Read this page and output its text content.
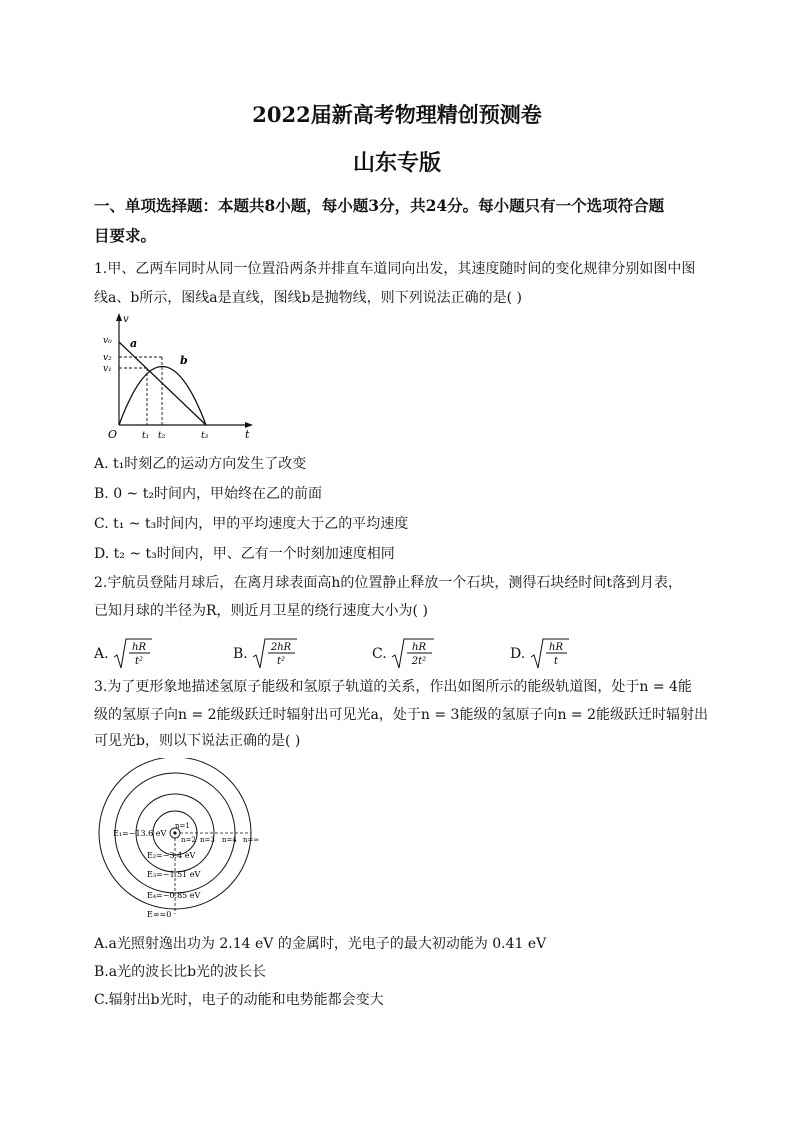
2022届新高考物理精创预测卷
山东专版
一、单项选择题：本题共8小题，每小题3分，共24分。每小题只有一个选项符合题
目要求。
1.甲、乙两车同时从同一位置沿两条并排直车道同向出发，其速度随时间的变化规律分别如图中图
线a、b所示，图线a是直线，图线b是抛物线，则下列说法正确的是( )
v
t
O
v₀
v₂
v₁
t₁ t₂	t₃
a
b
A. t₁时刻乙的运动方向发生了改变
B. 0 ~ t₂时间内，甲始终在乙的前面
C. t₁ ~ t₃时间内，甲的平均速度大于乙的平均速度
D. t₂ ~ t₃时间内，甲、乙有一个时刻加速度相同
2.宇航员登陆月球后，在离月球表面高h的位置静止释放一个石块，测得石块经时间t落到月表，
已知月球的半径为R，则近月卫星的绕行速度大小为( )
A. hR
t²	B. 2hR
t²	C.	hR
2t²	D. hR
t
3.为了更形象地描述氢原子能级和氢原子轨道的关系，作出如图所示的能级轨道图，处于n = 4能
级的氢原子向n = 2能级跃迁时辐射出可见光a，处于n = 3能级的氢原子向n = 2能级跃迁时辐射出
可见光b，则以下说法正确的是( )
E₁=−13.6 eV
n=1
n=2 n=3 n=4 n=∞
E₂=−3.4 eV
E₃=−1.51 eV
E₄=−0.85 eV
E∞=0
A.a光照射逸出功为 2.14 eV 的金属时，光电子的最大初动能为 0.41 eV
B.a光的波长比b光的波长长
C.辐射出b光时，电子的动能和电势能都会变大
